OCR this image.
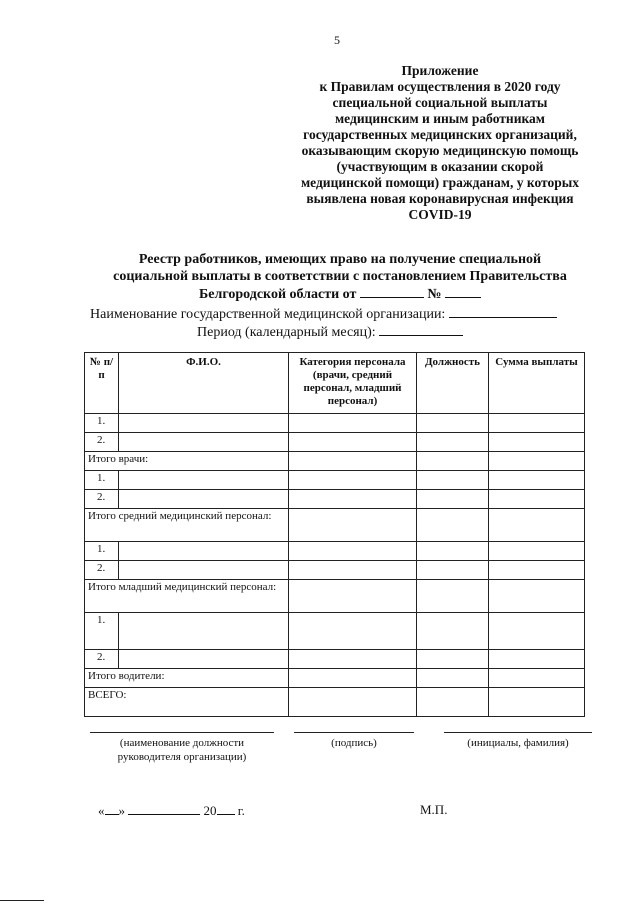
5
Приложение
к Правилам осуществления в 2020 году
специальной социальной выплаты
медицинским и иным работникам
государственных медицинских организаций,
оказывающим скорую медицинскую помощь
(участвующим в оказании скорой
медицинской помощи) гражданам, у которых
выявлена новая коронавирусная инфекция
COVID-19
Реестр работников, имеющих право на получение специальной
социальной выплаты в соответствии с постановлением Правительства
Белгородской области от	№
Наименование государственной медицинской организации:
Период (календарный месяц):
№ п/п	Ф.И.О.	Категория персонала (врачи, средний персонал, младший персонал)	Должность	Сумма выплаты
1.				
2.				
Итого врачи:				
1.				
2.				
Итого средний медицинский персонал:				
1.				
2.				
Итого младший медицинский персонал:				
1.				
2.				
Итого водители:				
ВСЕГО:				
(наименование должности руководителя организации)
(подпись)	(инициалы, фамилия)
« »	20 г.	М.П.
